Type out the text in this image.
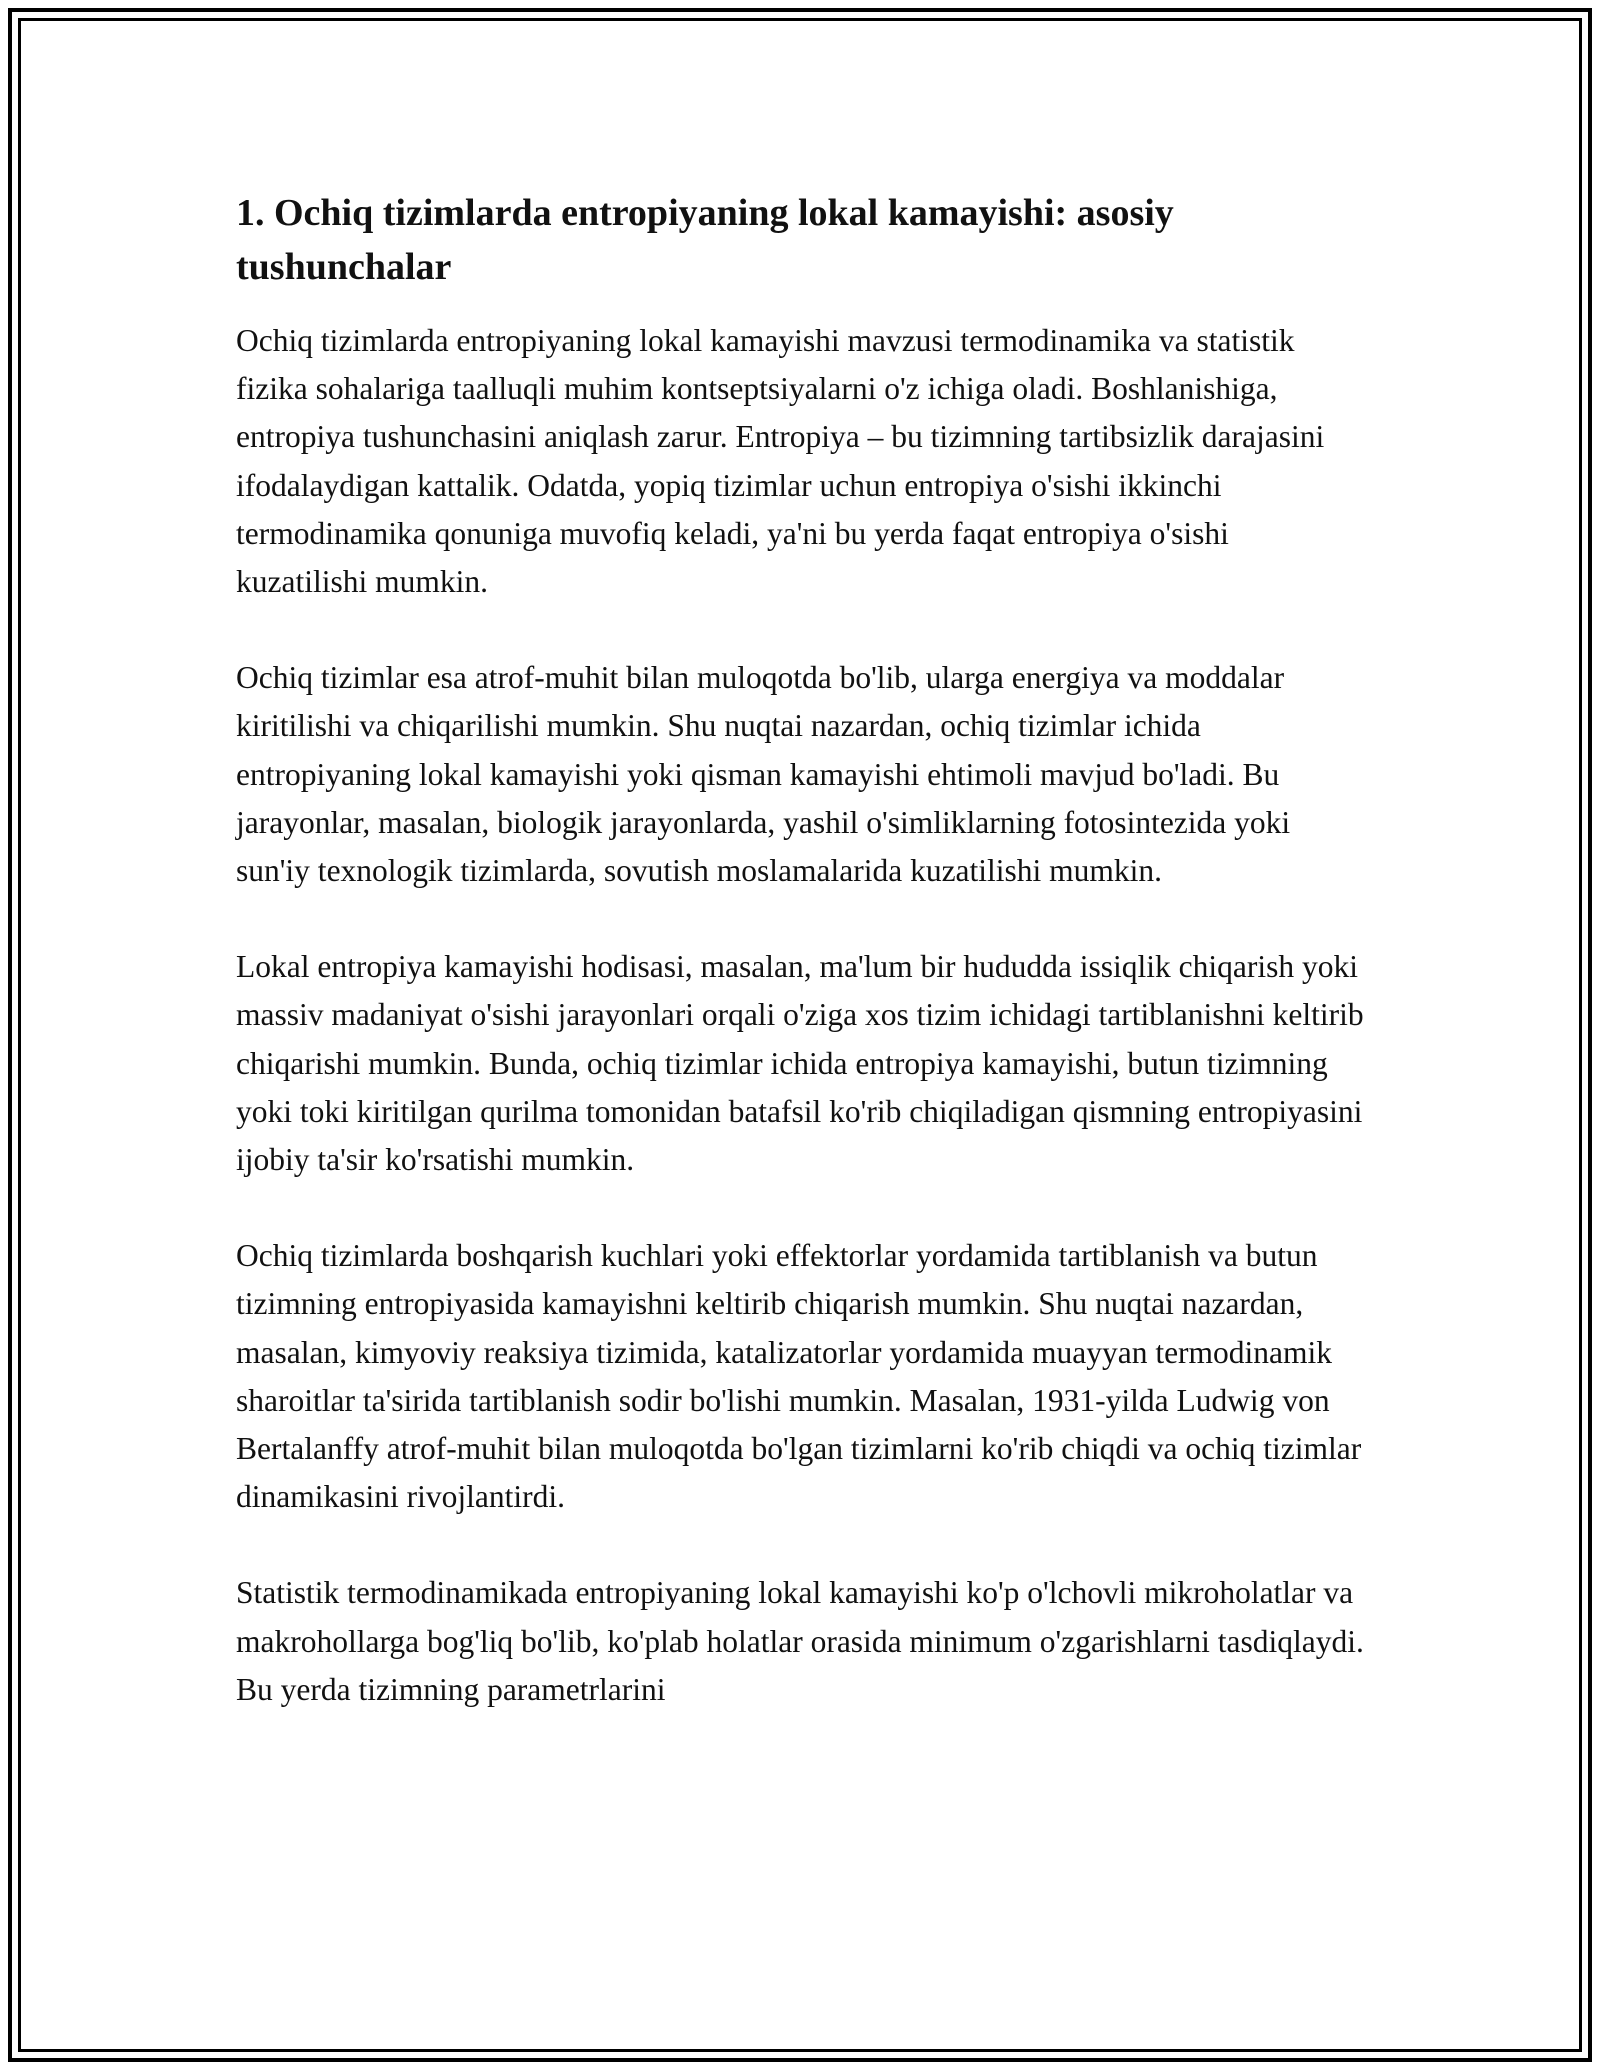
1. Ochiq tizimlarda entropiyaning lokal kamayishi: asosiy tushunchalar

Ochiq tizimlarda entropiyaning lokal kamayishi mavzusi termodinamika va statistik fizika sohalariga taalluqli muhim kontseptsiyalarni o'z ichiga oladi. Boshlanishiga, entropiya tushunchasini aniqlash zarur. Entropiya – bu tizimning tartibsizlik darajasini ifodalaydigan kattalik. Odatda, yopiq tizimlar uchun entropiya o'sishi ikkinchi termodinamika qonuniga muvofiq keladi, ya'ni bu yerda faqat entropiya o'sishi kuzatilishi mumkin.

Ochiq tizimlar esa atrof-muhit bilan muloqotda bo'lib, ularga energiya va moddalar kiritilishi va chiqarilishi mumkin. Shu nuqtai nazardan, ochiq tizimlar ichida entropiyaning lokal kamayishi yoki qisman kamayishi ehtimoli mavjud bo'ladi. Bu jarayonlar, masalan, biologik jarayonlarda, yashil o'simliklarning fotosintezida yoki sun'iy texnologik tizimlarda, sovutish moslamalarida kuzatilishi mumkin.

Lokal entropiya kamayishi hodisasi, masalan, ma'lum bir hududda issiqlik chiqarish yoki massiv madaniyat o'sishi jarayonlari orqali o'ziga xos tizim ichidagi tartiblanishni keltirib chiqarishi mumkin. Bunda, ochiq tizimlar ichida entropiya kamayishi, butun tizimning yoki toki kiritilgan qurilma tomonidan batafsil ko'rib chiqiladigan qismning entropiyasini ijobiy ta'sir ko'rsatishi mumkin.

Ochiq tizimlarda boshqarish kuchlari yoki effektorlar yordamida tartiblanish va butun tizimning entropiyasida kamayishni keltirib chiqarish mumkin. Shu nuqtai nazardan, masalan, kimyoviy reaksiya tizimida, katalizatorlar yordamida muayyan termodinamik sharoitlar ta'sirida tartiblanish sodir bo'lishi mumkin. Masalan, 1931-yilda Ludwig von Bertalanffy atrof-muhit bilan muloqotda bo'lgan tizimlarni ko'rib chiqdi va ochiq tizimlar dinamikasini rivojlantirdi.

Statistik termodinamikada entropiyaning lokal kamayishi ko'p o'lchovli mikroholatlar va makrohollarga bog'liq bo'lib, ko'plab holatlar orasida minimum o'zgarishlarni tasdiqlaydi. Bu yerda tizimning parametrlarini
